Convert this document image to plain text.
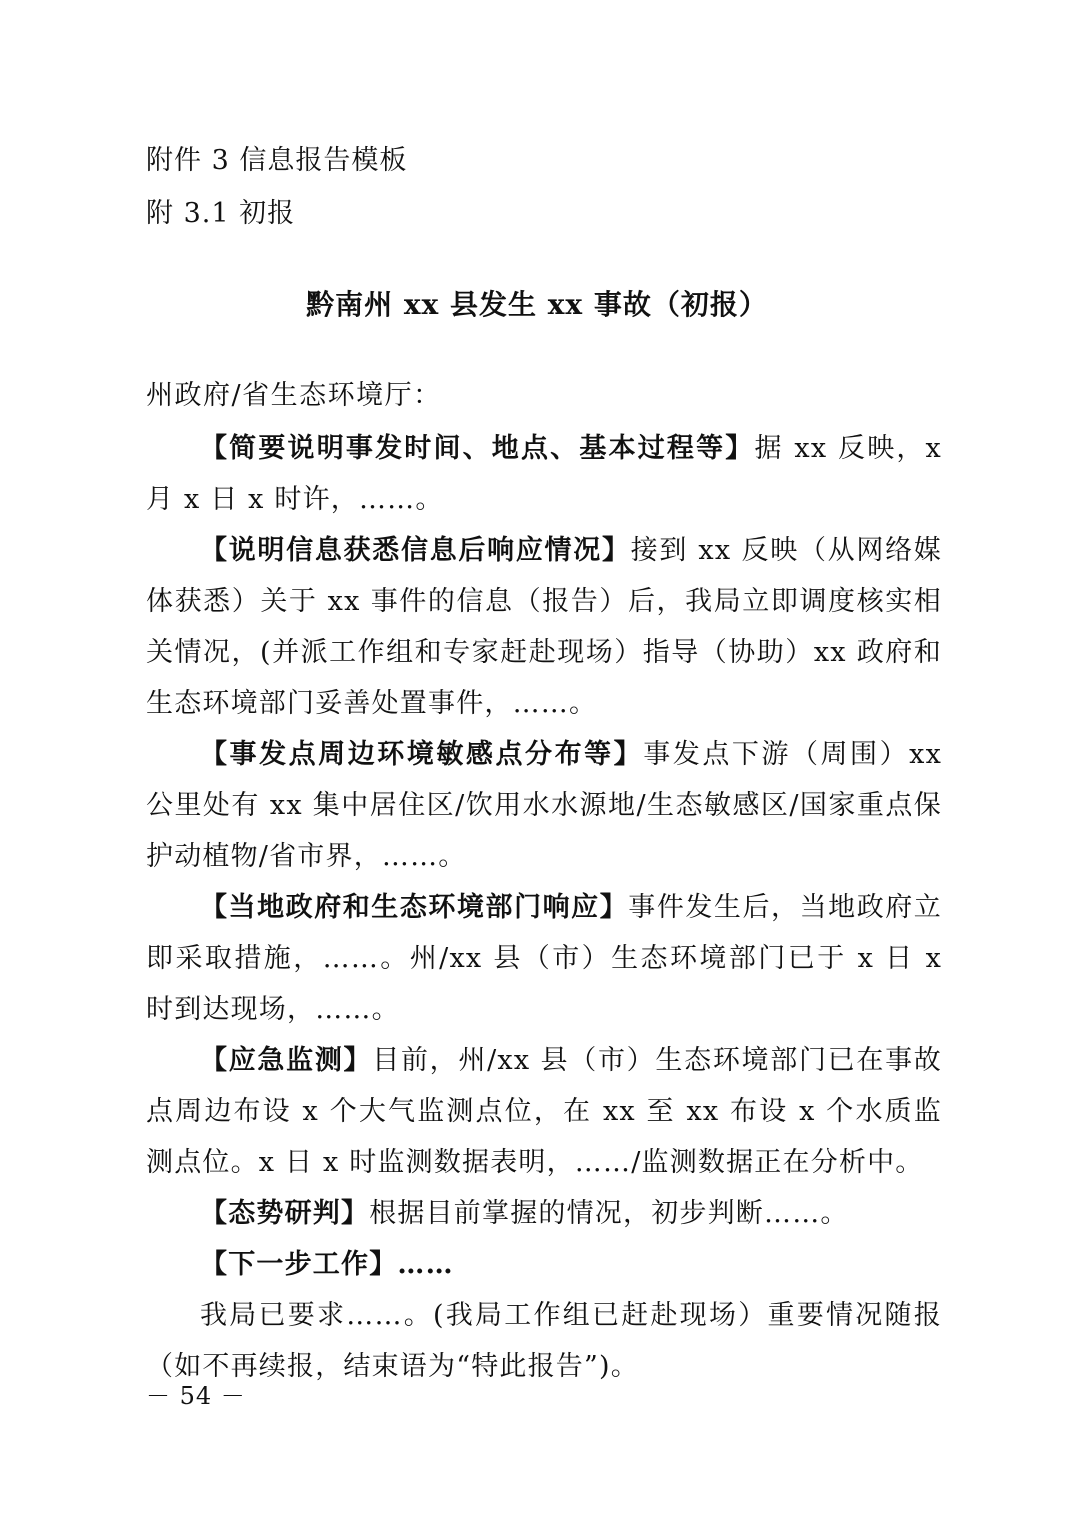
附件 3 信息报告模板
附 3.1 初报
黔南州 xx 县发生 xx 事故（初报）
州政府/省生态环境厅：

【简要说明事发时间、地点、基本过程等】据 xx 反映，x 月 x 日 x 时许，……。

【说明信息获悉信息后响应情况】接到 xx 反映（从网络媒体获悉）关于 xx 事件的信息（报告）后，我局立即调度核实相关情况，(并派工作组和专家赶赴现场）指导（协助）xx 政府和生态环境部门妥善处置事件，……。

【事发点周边环境敏感点分布等】事发点下游（周围）xx 公里处有 xx 集中居住区/饮用水水源地/生态敏感区/国家重点保护动植物/省市界，……。

【当地政府和生态环境部门响应】事件发生后，当地政府立即采取措施，……。州/xx 县（市）生态环境部门已于 x 日 x 时到达现场，……。

【应急监测】目前，州/xx 县（市）生态环境部门已在事故点周边布设 x 个大气监测点位，在 xx 至 xx 布设 x 个水质监测点位。x 日 x 时监测数据表明，……/监测数据正在分析中。

【态势研判】根据目前掌握的情况，初步判断……。

【下一步工作】……

我局已要求……。(我局工作组已赶赴现场）重要情况随报（如不再续报，结束语为“特此报告”)。

－ 54 －
